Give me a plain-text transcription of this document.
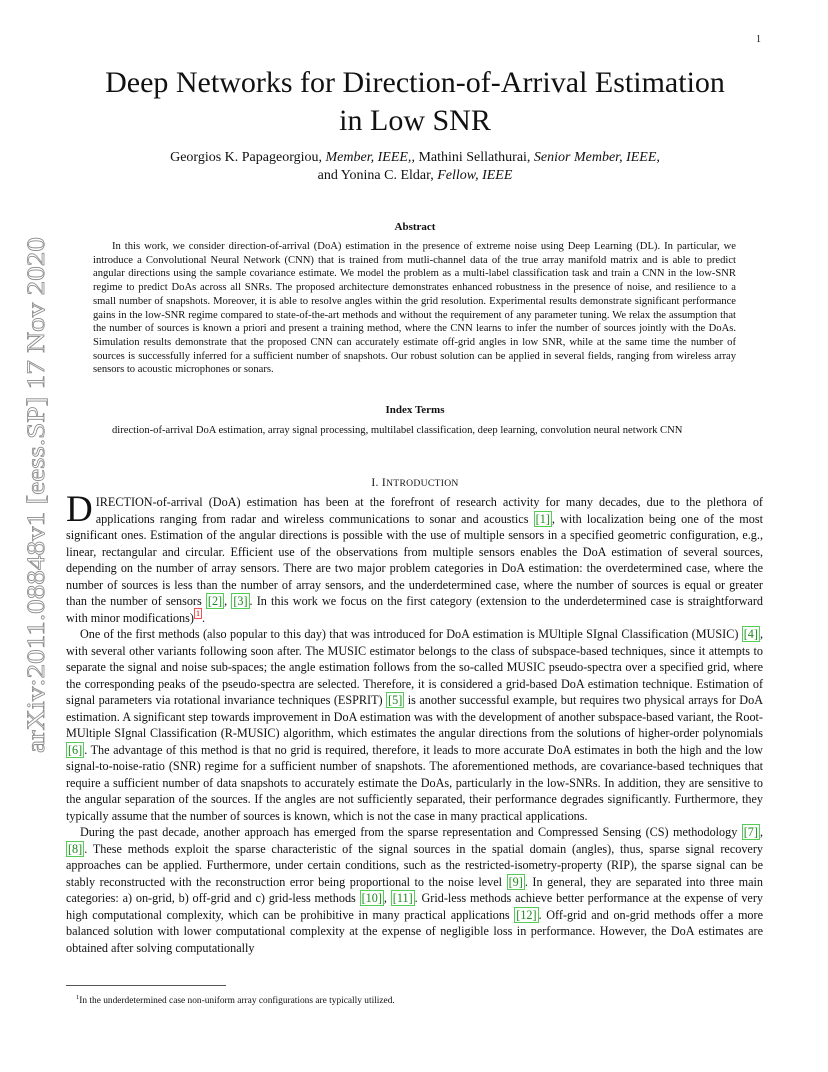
1
arXiv:2011.08848v1 [eess.SP] 17 Nov 2020
Deep Networks for Direction-of-Arrival Estimation
in Low SNR
Georgios K. Papageorgiou, Member, IEEE,, Mathini Sellathurai, Senior Member, IEEE,
and Yonina C. Eldar, Fellow, IEEE
Abstract

In this work, we consider direction-of-arrival (DoA) estimation in the presence of extreme noise using Deep Learning (DL). In particular, we introduce a Convolutional Neural Network (CNN) that is trained from mutli-channel data of the true array manifold matrix and is able to predict angular directions using the sample covariance estimate. We model the problem as a multi-label classification task and train a CNN in the low-SNR regime to predict DoAs across all SNRs. The proposed architecture demonstrates enhanced robustness in the presence of noise, and resilience to a small number of snapshots. Moreover, it is able to resolve angles within the grid resolution. Experimental results demonstrate significant performance gains in the low-SNR regime compared to state-of-the-art methods and without the requirement of any parameter tuning. We relax the assumption that the number of sources is known a priori and present a training method, where the CNN learns to infer the number of sources jointly with the DoAs. Simulation results demonstrate that the proposed CNN can accurately estimate off-grid angles in low SNR, while at the same time the number of sources is successfully inferred for a sufficient number of snapshots. Our robust solution can be applied in several fields, ranging from wireless array sensors to acoustic microphones or sonars.

Index Terms

direction-of-arrival DoA estimation, array signal processing, multilabel classification, deep learning, convolution neural network CNN

I. INTRODUCTION

DIRECTION-of-arrival (DoA) estimation has been at the forefront of research activity for many decades, due to the plethora of applications ranging from radar and wireless communications to sonar and acoustics [1] , with localization being one of the most significant ones. Estimation of the angular directions is possible with the use of multiple sensors in a specified geometric configuration, e.g., linear, rectangular and circular. Efficient use of the observations from multiple sensors enables the DoA estimation of several sources, depending on the number of array sensors. There are two major problem categories in DoA estimation: the overdetermined case, where the number of sources is less than the number of array sensors, and the underdetermined case, where the number of sources is equal or greater than the number of sensors [2] , [3] . In this work we focus on the first category (extension to the underdetermined case is straightforward with minor modifications) $^1$ .

One of the first methods (also popular to this day) that was introduced for DoA estimation is MUltiple SIgnal Classification (MUSIC) [4] , with several other variants following soon after. The MUSIC estimator belongs to the class of subspace-based techniques, since it attempts to separate the signal and noise sub-spaces; the angle estimation follows from the so-called MUSIC pseudo-spectra over a specified grid, where the corresponding peaks of the pseudo-spectra are selected. Therefore, it is considered a grid-based DoA estimation technique. Estimation of signal parameters via rotational invariance techniques (ESPRIT) [5] is another successful example, but requires two physical arrays for DoA estimation. A significant step towards improvement in DoA estimation was with the development of another subspace-based variant, the Root-MUltiple SIgnal Classification (R-MUSIC) algorithm, which estimates the angular directions from the solutions of higher-order polynomials [6] . The advantage of this method is that no grid is required, therefore, it leads to more accurate DoA estimates in both the high and the low signal-to-noise-ratio (SNR) regime for a sufficient number of snapshots. The aforementioned methods, are covariance-based techniques that require a sufficient number of data snapshots to accurately estimate the DoAs, particularly in the low-SNRs. In addition, they are sensitive to the angular separation of the sources. If the angles are not sufficiently separated, their performance degrades significantly. Furthermore, they typically assume that the number of sources is known, which is not the case in many practical applications.

During the past decade, another approach has emerged from the sparse representation and Compressed Sensing (CS) methodology [7] , [8] . These methods exploit the sparse characteristic of the signal sources in the spatial domain (angles), thus, sparse signal recovery approaches can be applied. Furthermore, under certain conditions, such as the restricted-isometry-property (RIP), the sparse signal can be stably reconstructed with the reconstruction error being proportional to the noise level [9] . In general, they are separated into three main categories: a) on-grid, b) off-grid and c) grid-less methods [10] , [11] . Grid-less methods achieve better performance at the expense of very high computational complexity, which can be prohibitive in many practical applications [12] . Off-grid and on-grid methods offer a more balanced solution with lower computational complexity at the expense of negligible loss in performance. However, the DoA estimates are obtained after solving computationally

$^1$In the underdetermined case non-uniform array configurations are typically utilized.
